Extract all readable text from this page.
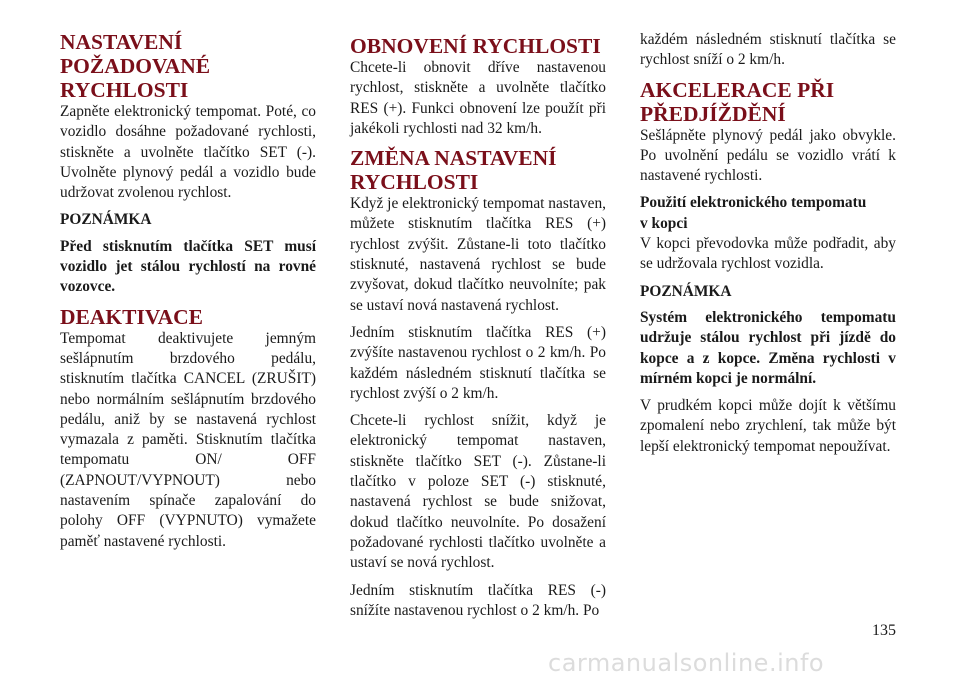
NASTAVENÍ POŽADOVANÉ RYCHLOSTI

Zapněte elektronický tempomat. Poté, co vozidlo dosáhne požadované rychlosti, stiskněte a uvolněte tlačítko SET (-). Uvolněte plynový pedál a vozidlo bude udržovat zvolenou rychlost.

POZNÁMKA

Před stisknutím tlačítka SET musí vozidlo jet stálou rychlostí na rovné vozovce.

DEAKTIVACE

Tempomat deaktivujete jemným sešlápnutím brzdového pedálu, stisknutím tlačítka CANCEL (ZRUŠIT) nebo normálním sešlápnutím brzdového pedálu, aniž by se nastavená rychlost vymazala z paměti. Stisknutím tlačítka tempomatu ON/ OFF (ZAPNOUT/VYPNOUT) nebo nastavením spínače zapalování do polohy OFF (VYPNUTO) vymažete paměť nastavené rychlosti.

OBNOVENÍ RYCHLOSTI

Chcete-li obnovit dříve nastavenou rychlost, stiskněte a uvolněte tlačítko RES (+). Funkci obnovení lze použít při jakékoli rychlosti nad 32 km/h.

ZMĚNA NASTAVENÍ RYCHLOSTI

Když je elektronický tempomat nastaven, můžete stisknutím tlačítka RES (+) rychlost zvýšit. Zůstane-li toto tlačítko stisknuté, nastavená rychlost se bude zvyšovat, dokud tlačítko neuvolníte; pak se ustaví nová nastavená rychlost.

Jedním stisknutím tlačítka RES (+) zvýšíte nastavenou rychlost o 2 km/h. Po každém následném stisknutí tlačítka se rychlost zvýší o 2 km/h.

Chcete-li rychlost snížit, když je elektronický tempomat nastaven, stiskněte tlačítko SET (-). Zůstane-li tlačítko v poloze SET (-) stisknuté, nastavená rychlost se bude snižovat, dokud tlačítko neuvolníte. Po dosažení požadované rychlosti tlačítko uvolněte a ustaví se nová rychlost.

Jedním stisknutím tlačítka RES (-) snížíte nastavenou rychlost o 2 km/h. Po

každém následném stisknutí tlačítka se rychlost sníží o 2 km/h.

AKCELERACE PŘI PŘEDJÍŽDĚNÍ

Sešlápněte plynový pedál jako obvykle. Po uvolnění pedálu se vozidlo vrátí k nastavené rychlosti.

Použití elektronického tempomatu
v kopci

V kopci převodovka může podřadit, aby se udržovala rychlost vozidla.

POZNÁMKA

Systém elektronického tempomatu udržuje stálou rychlost při jízdě do kopce a z kopce. Změna rychlosti v mírném kopci je normální.

V prudkém kopci může dojít k většímu zpomalení nebo zrychlení, tak může být lepší elektronický tempomat nepoužívat.

135
carmanualsonline.info
